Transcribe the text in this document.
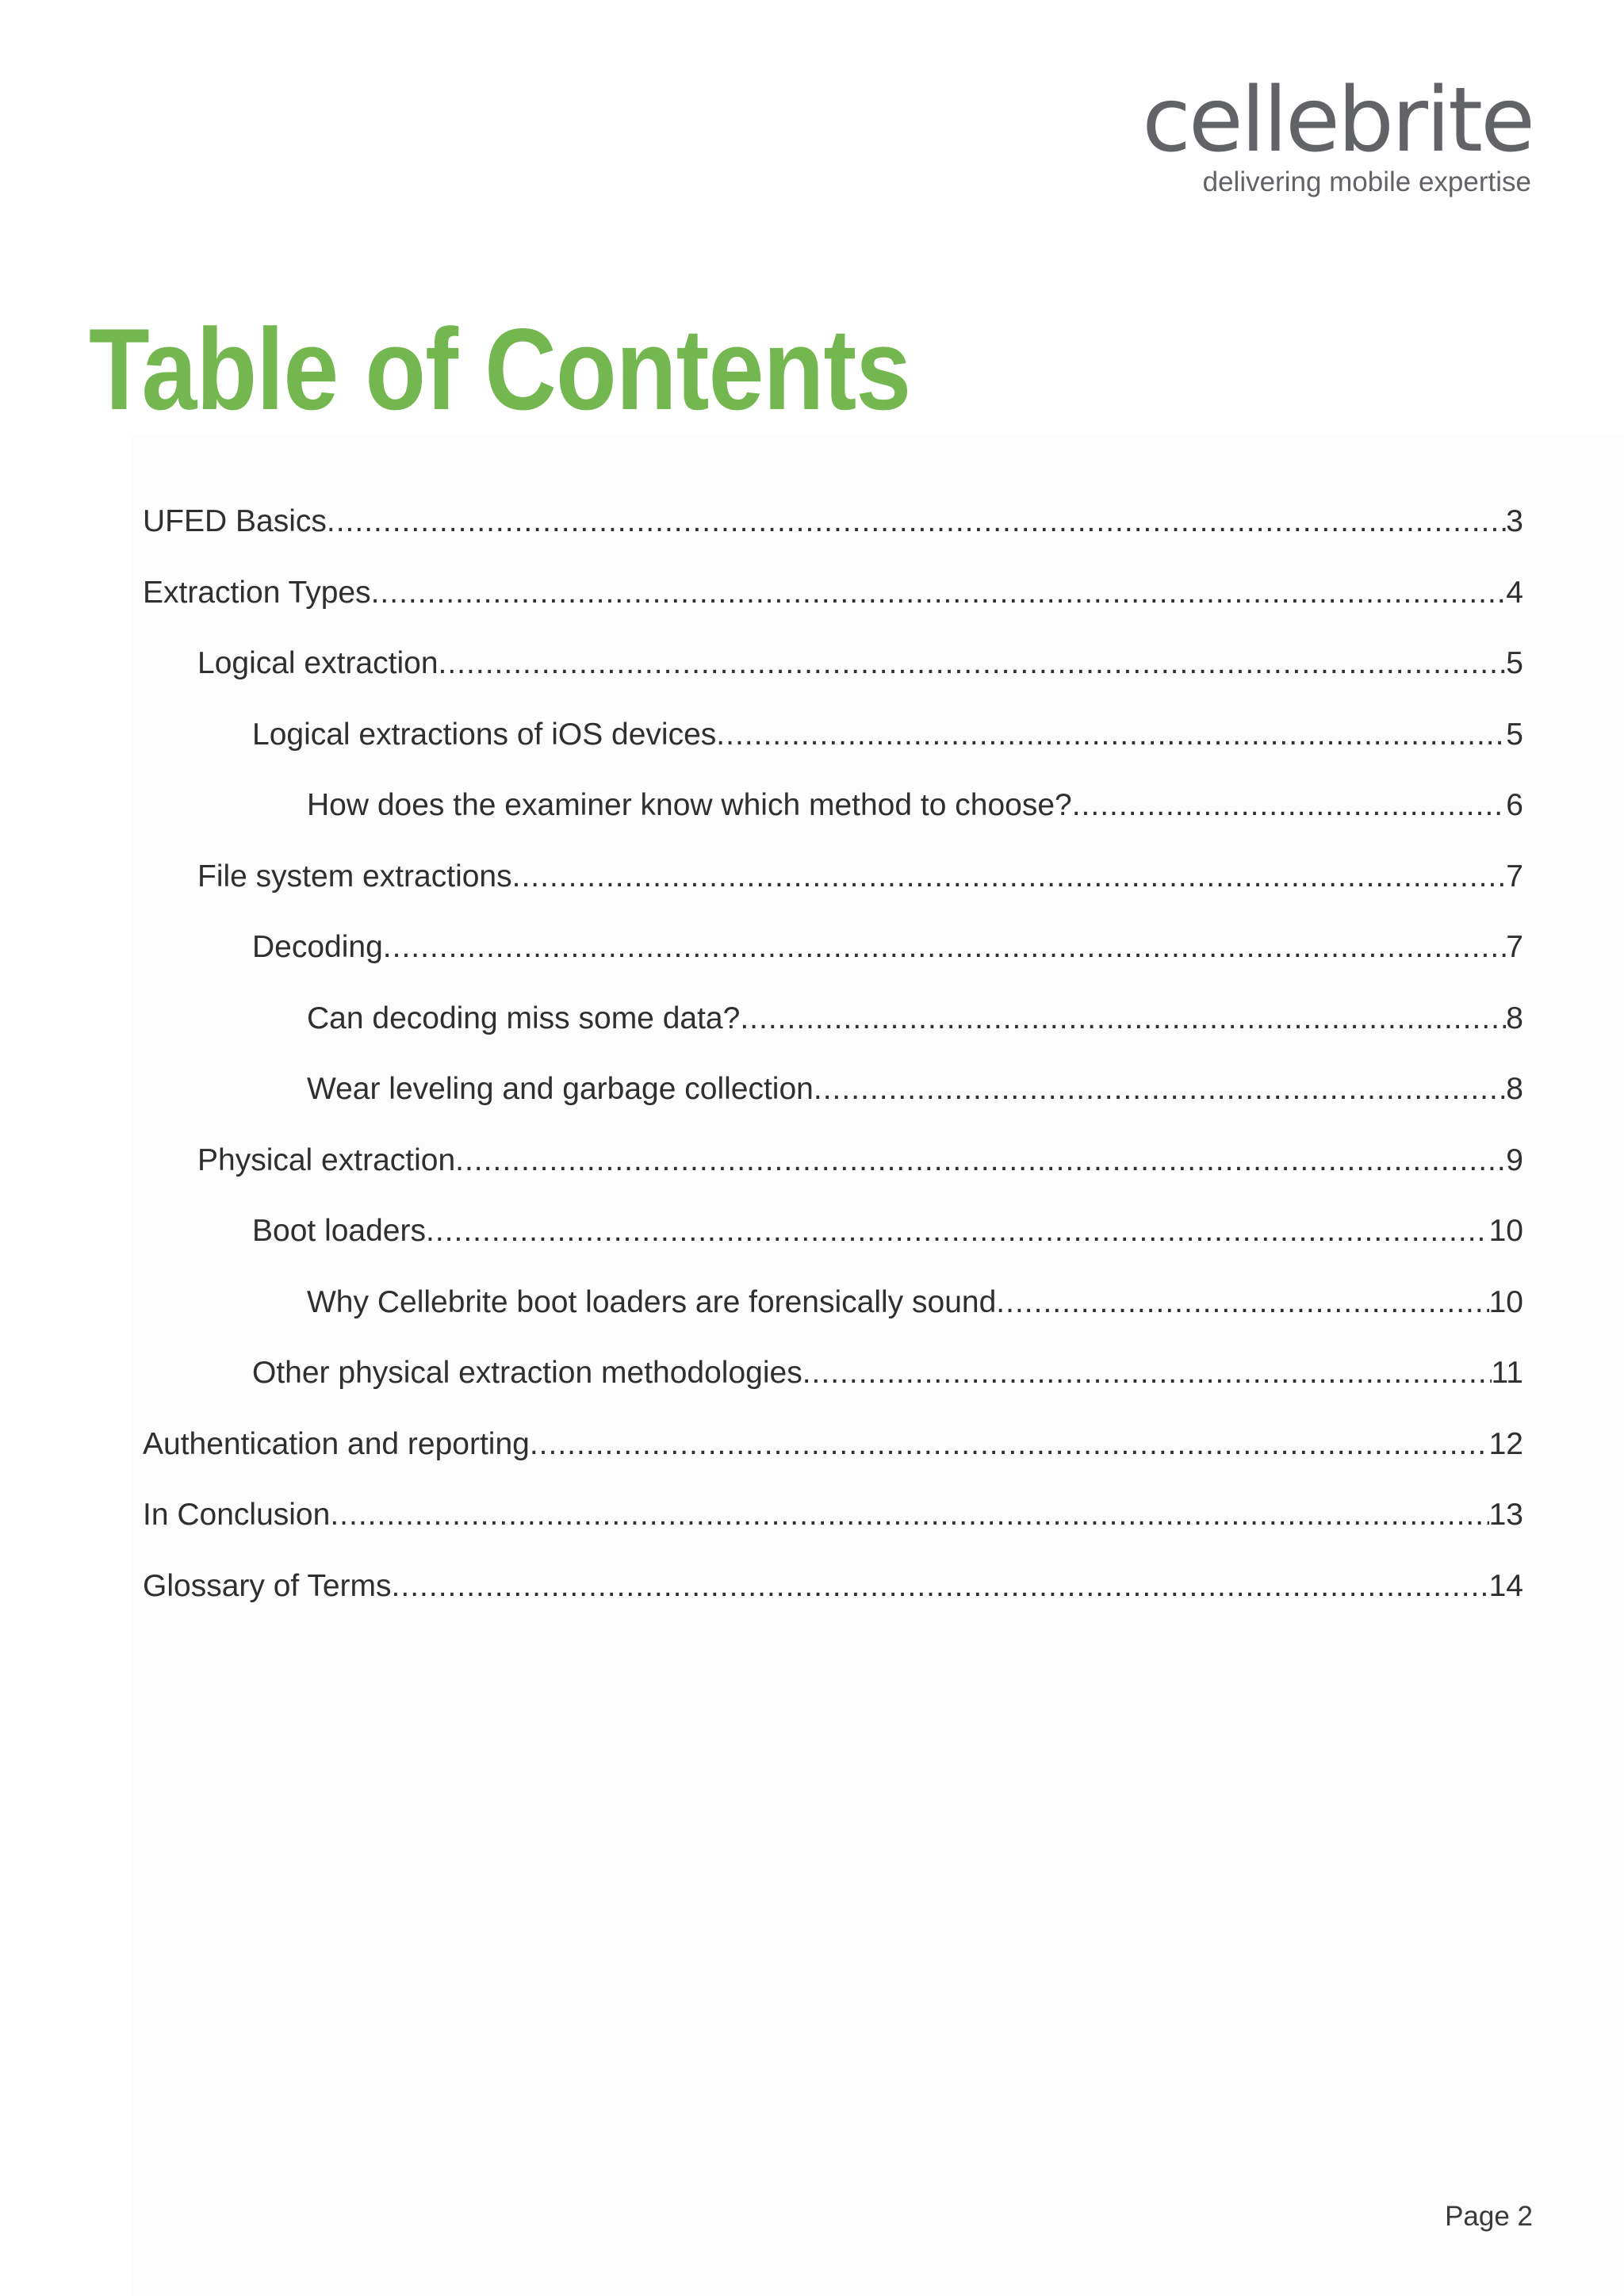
cellebrite
delivering mobile expertise
Table of Contents
UFED Basics .....	3
Extraction Types .....	4
Logical extraction .....	5
Logical extractions of iOS devices .....	5
How does the examiner know which method to choose? .....	6
File system extractions .....	7
Decoding .....	7
Can decoding miss some data? .....	8
Wear leveling and garbage collection .....	8
Physical extraction .....	9
Boot loaders .....	10
Why Cellebrite boot loaders are forensically sound .....	10
Other physical extraction methodologies .....	11
Authentication and reporting .....	12
In Conclusion .....	13
Glossary of Terms .....	14
Page 2
